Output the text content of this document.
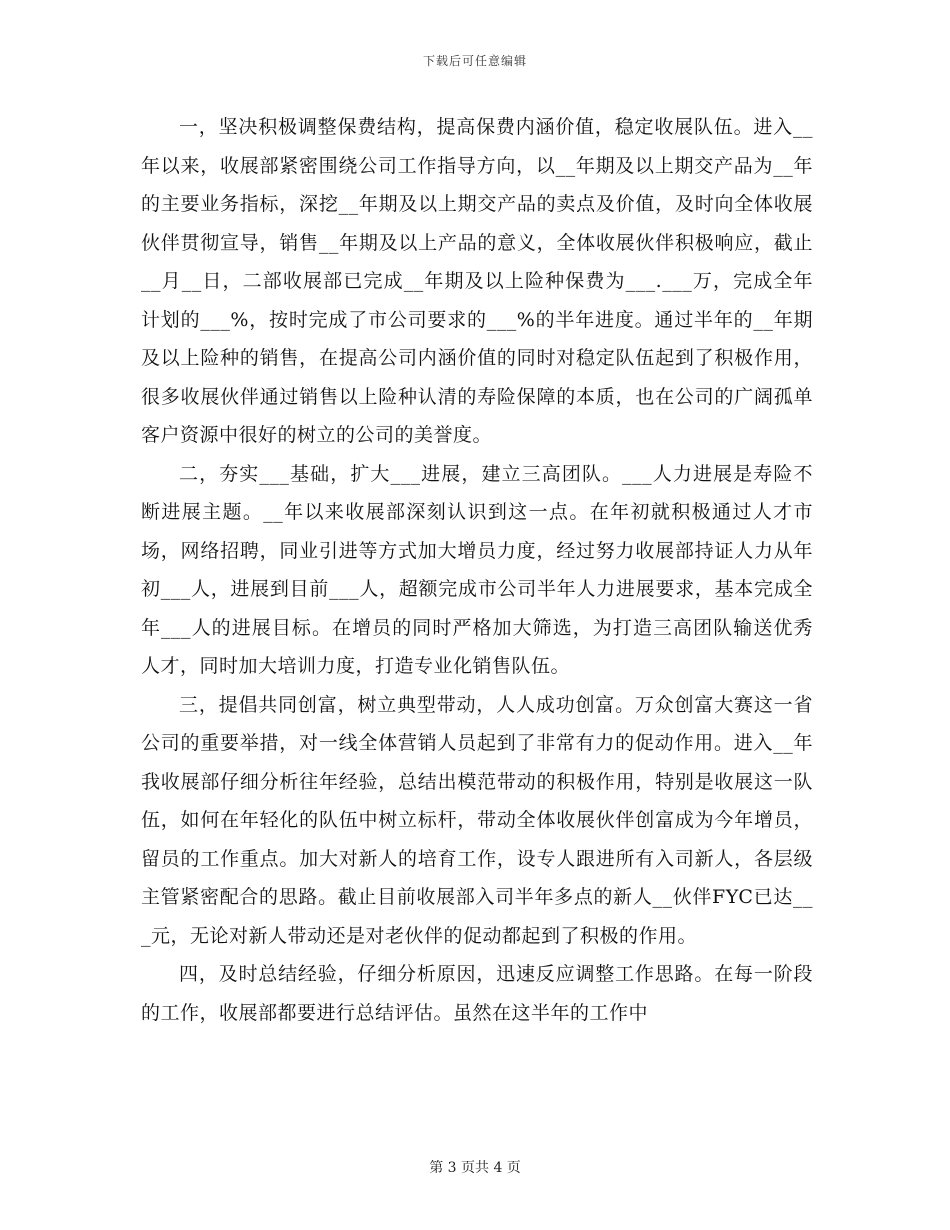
下载后可任意编辑

一，坚决积极调整保费结构，提高保费内涵价值，稳定收展队伍。进入__年以来，收展部紧密围绕公司工作指导方向，以__年期及以上期交产品为__年的主要业务指标，深挖__年期及以上期交产品的卖点及价值，及时向全体收展伙伴贯彻宣导，销售__年期及以上产品的意义，全体收展伙伴积极响应，截止__月__日，二部收展部已完成__年期及以上险种保费为___.___万，完成全年计划的___%，按时完成了市公司要求的___%的半年进度。通过半年的__年期及以上险种的销售，在提高公司内涵价值的同时对稳定队伍起到了积极作用，很多收展伙伴通过销售以上险种认清的寿险保障的本质，也在公司的广阔孤单客户资源中很好的树立的公司的美誉度。

二，夯实___基础，扩大___进展，建立三高团队。___人力进展是寿险不断进展主题。__年以来收展部深刻认识到这一点。在年初就积极通过人才市场，网络招聘，同业引进等方式加大增员力度，经过努力收展部持证人力从年初___人，进展到目前___人，超额完成市公司半年人力进展要求，基本完成全年___人的进展目标。在增员的同时严格加大筛选，为打造三高团队输送优秀人才，同时加大培训力度，打造专业化销售队伍。

三，提倡共同创富，树立典型带动，人人成功创富。万众创富大赛这一省公司的重要举措，对一线全体营销人员起到了非常有力的促动作用。进入__年我收展部仔细分析往年经验，总结出模范带动的积极作用，特别是收展这一队伍，如何在年轻化的队伍中树立标杆，带动全体收展伙伴创富成为今年增员，留员的工作重点。加大对新人的培育工作，设专人跟进所有入司新人，各层级主管紧密配合的思路。截止目前收展部入司半年多点的新人__伙伴FYC已达___元，无论对新人带动还是对老伙伴的促动都起到了积极的作用。

四，及时总结经验，仔细分析原因，迅速反应调整工作思路。在每一阶段的工作，收展部都要进行总结评估。虽然在这半年的工作中

第 3 页共 4 页
